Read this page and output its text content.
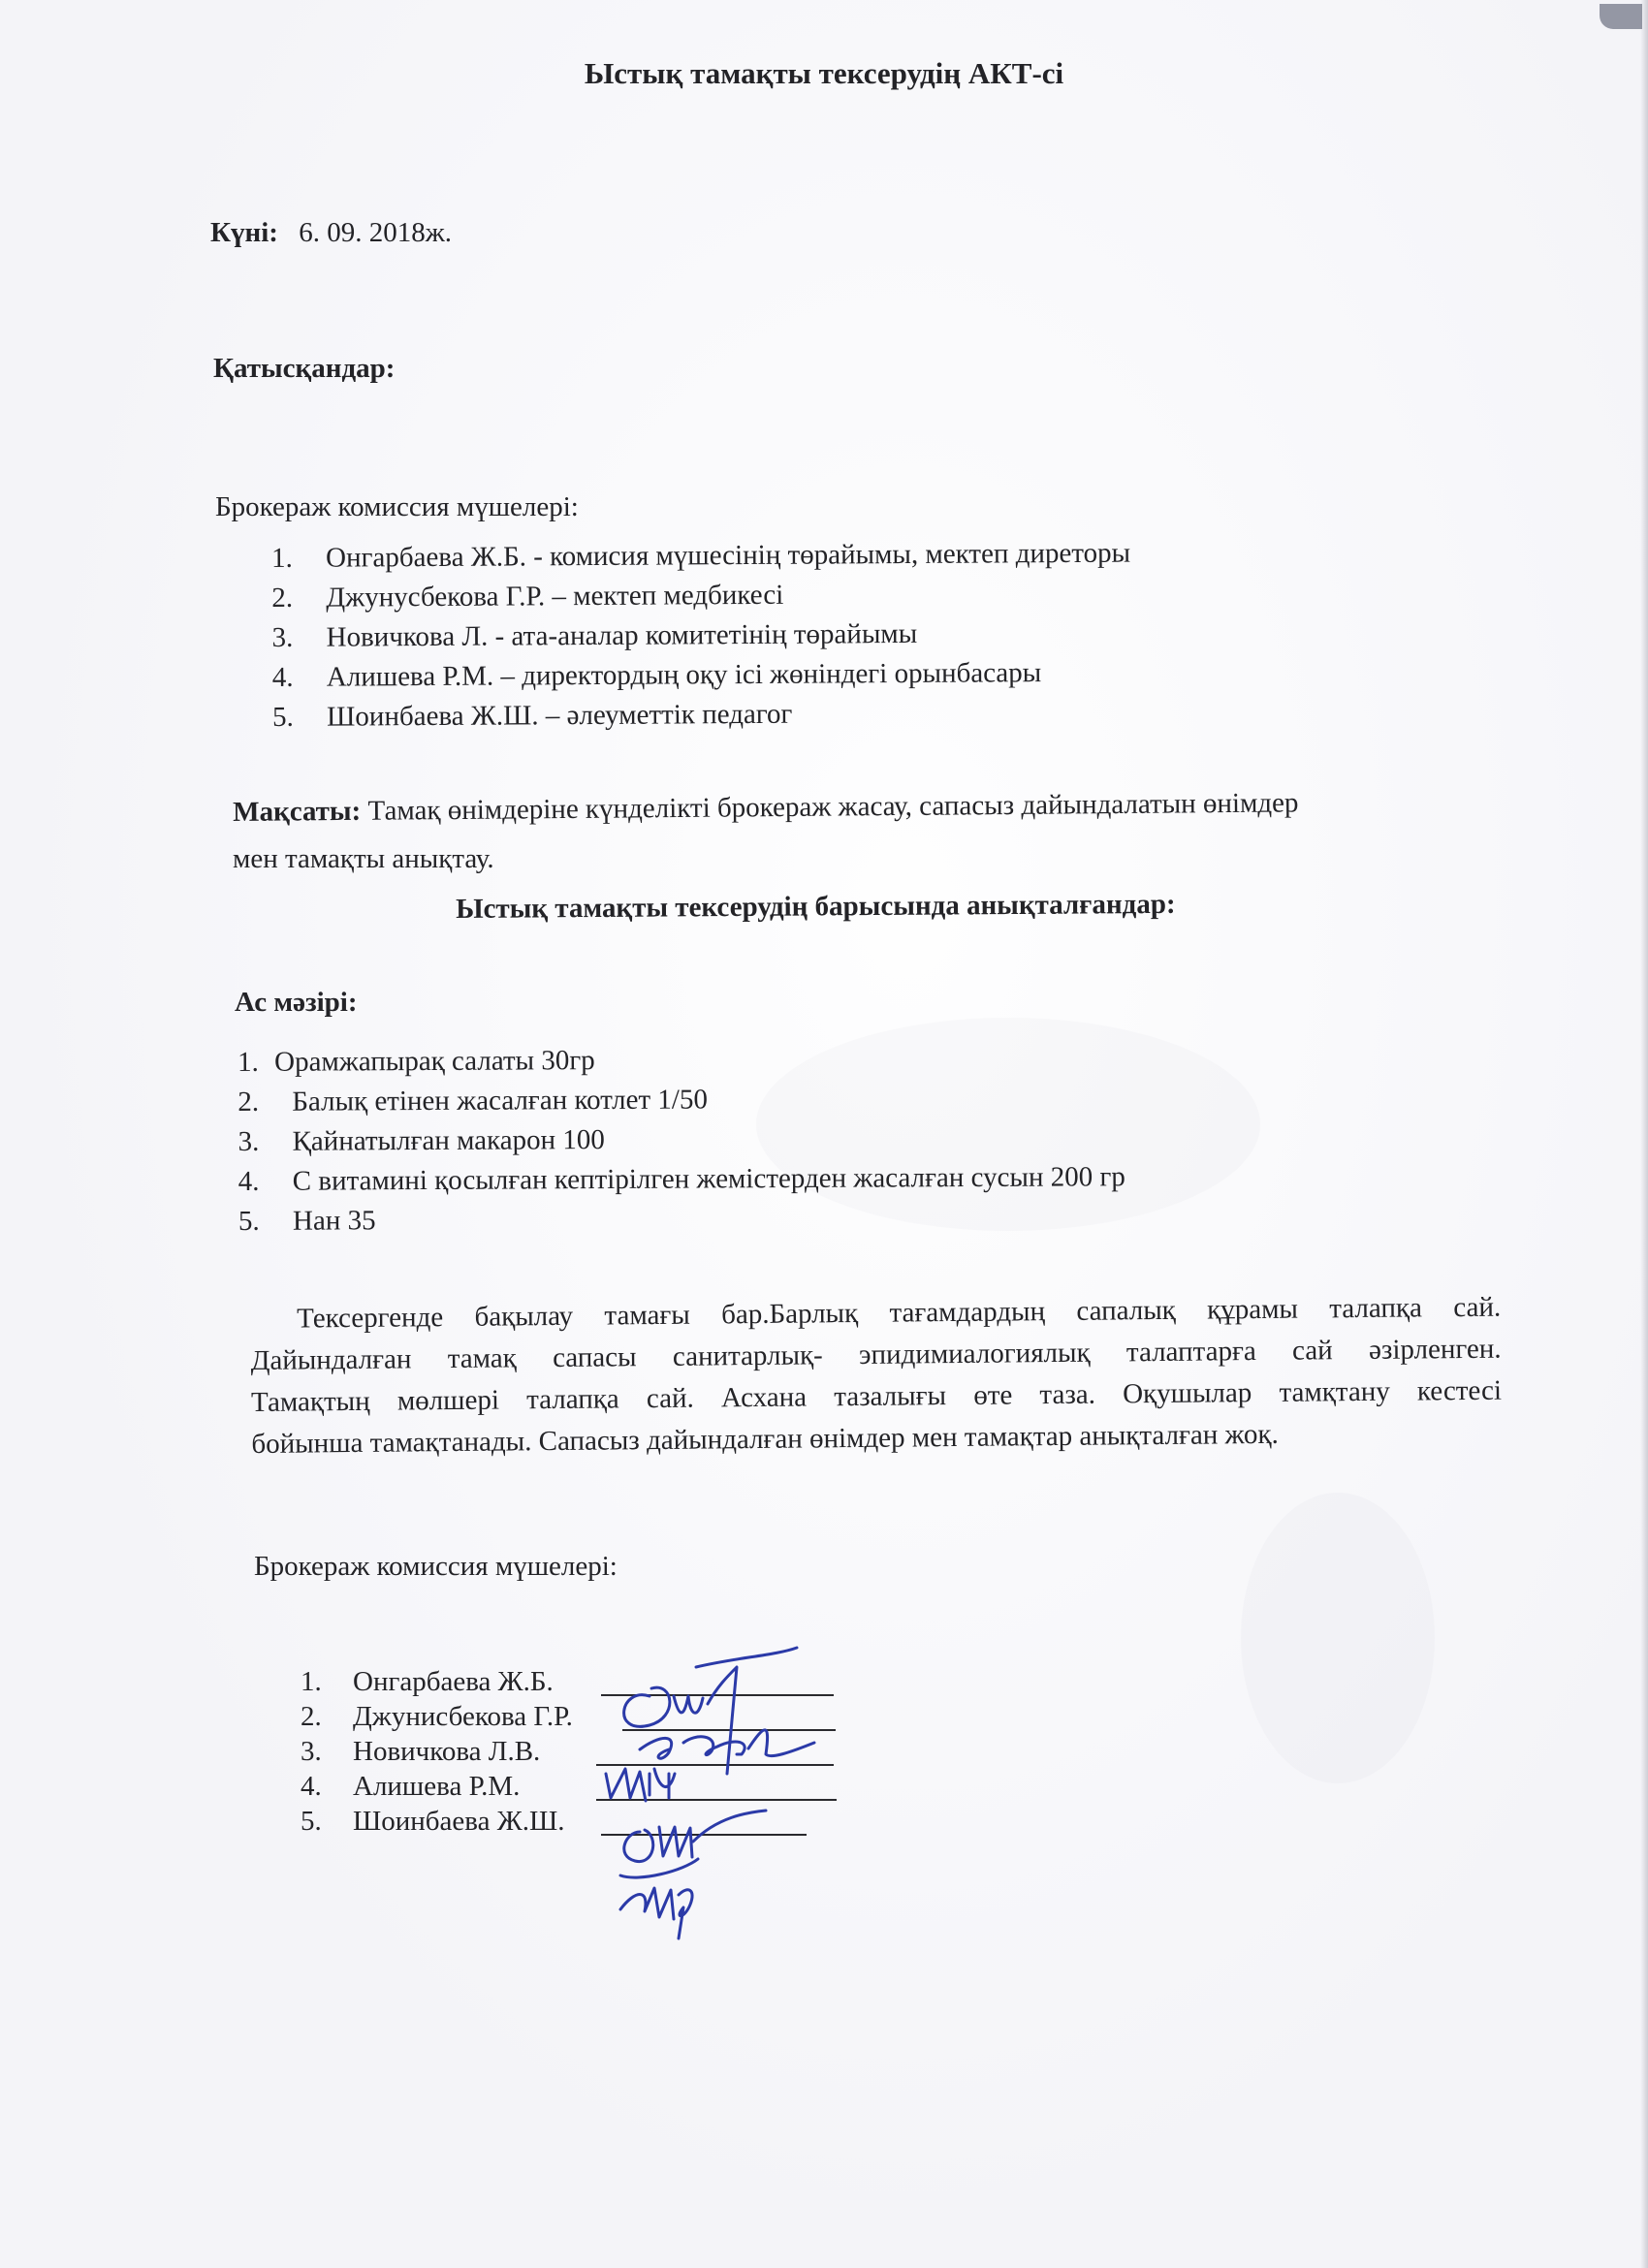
Ыстық тамақты тексерудің АКТ-сі
Күні: 6. 09. 2018ж.
Қатысқандар:
Брокераж комиссия мүшелері:
1. Онгарбаева Ж.Б. - комисия мүшесінің төрайымы, мектеп диреторы
2. Джунусбекова Г.Р. – мектеп медбикесі
3. Новичкова Л. - ата-аналар комитетінің төрайымы
4. Алишева Р.М. – директордың оқу ісі жөніндегі орынбасары
5. Шоинбаева Ж.Ш. – әлеуметтік педагог
Мақсаты: Тамақ өнімдеріне күнделікті брокераж жасау, сапасыз дайындалатын өнімдер
мен тамақты анықтау.
Ыстық тамақты тексерудің барысында анықталғандар:
Ас мәзірі:
1. Орамжапырақ салаты 30гр
2. Балық етінен жасалған котлет 1/50
3. Қайнатылған макарон 100
4. С витамині қосылған кептірілген жемістерден жасалған сусын 200 гр
5. Нан 35
Тексергенде бақылау тамағы бар.Барлық тағамдардың сапалық құрамы талапқа сай.
Дайындалған тамақ сапасы санитарлық- эпидимиалогиялық талаптарға сай әзірленген.
Тамақтың мөлшері талапқа сай. Асхана тазалығы өте таза. Оқушылар тамқтану кестесі
бойынша тамақтанады. Сапасыз дайындалған өнімдер мен тамақтар анықталған жоқ.
Брокераж комиссия мүшелері:
1. Онгарбаева Ж.Б.
2. Джунисбекова Г.Р.
3. Новичкова Л.В.
4. Алишева Р.М.
5. Шоинбаева Ж.Ш.
